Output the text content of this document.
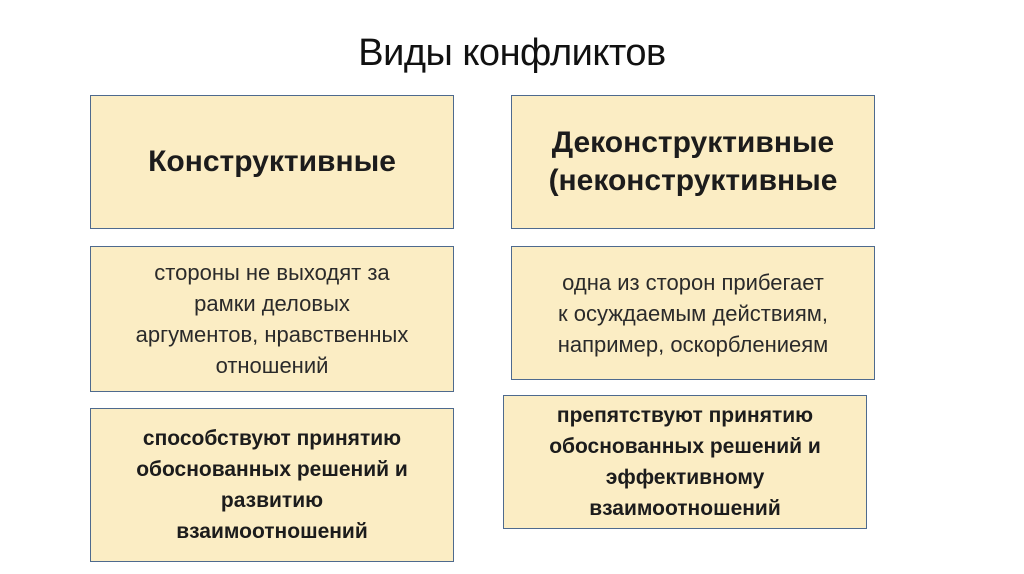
Виды конфликтов
Конструктивные
Деконструктивные
(неконструктивные
стороны не выходят за
рамки деловых
аргументов, нравственных
отношений
одна из сторон прибегает
к осуждаемым действиям,
например, оскорблениеям
способствуют принятию
обоснованных решений и
развитию
взаимоотношений
препятствуют принятию
обоснованных решений и
эффективному
взаимоотношений
